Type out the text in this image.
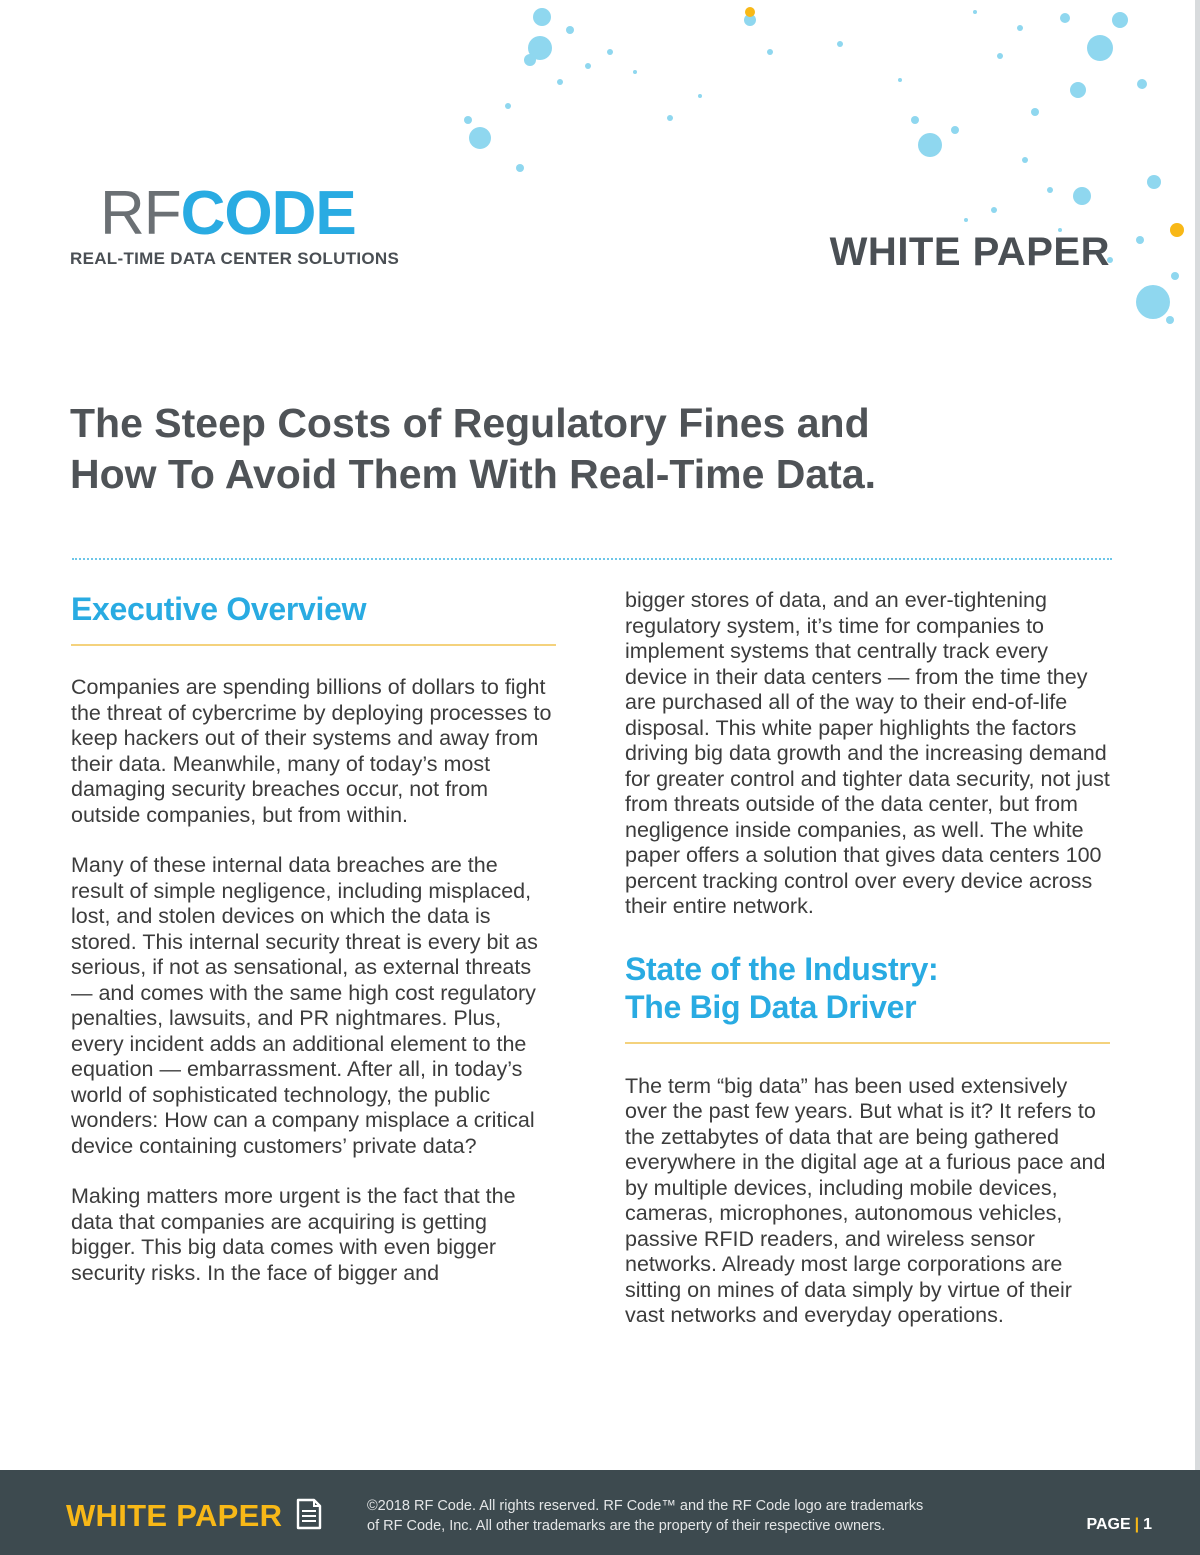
RFCODE
REAL-TIME DATA CENTER SOLUTIONS	WHITE PAPER
The Steep Costs of Regulatory Fines and
How To Avoid Them With Real-Time Data.
Executive Overview

Companies are spending billions of dollars to fight the threat of cybercrime by deploying processes to keep hackers out of their systems and away from their data. Meanwhile, many of today’s most damaging security breaches occur, not from outside companies, but from within.

Many of these internal data breaches are the result of simple negligence, including misplaced, lost, and stolen devices on which the data is stored. This internal security threat is every bit as serious, if not as sensational, as external threats — and comes with the same high cost regulatory penalties, lawsuits, and PR nightmares. Plus, every incident adds an additional element to the equation — embarrassment. After all, in today’s world of sophisticated technology, the public wonders: How can a company misplace a critical device containing customers’ private data?

Making matters more urgent is the fact that the data that companies are acquiring is getting bigger. This big data comes with even bigger security risks. In the face of bigger and

bigger stores of data, and an ever-tightening regulatory system, it’s time for companies to implement systems that centrally track every device in their data centers — from the time they are purchased all of the way to their end-of-life disposal. This white paper highlights the factors driving big data growth and the increasing demand for greater control and tighter data security, not just from threats outside of the data center, but from negligence inside companies, as well. The white paper offers a solution that gives data centers 100 percent tracking control over every device across their entire network.

State of the Industry:
The Big Data Driver

The term “big data” has been used extensively over the past few years. But what is it? It refers to the zettabytes of data that are being gathered everywhere in the digital age at a furious pace and by multiple devices, including mobile devices, cameras, microphones, autonomous vehicles, passive RFID readers, and wireless sensor networks. Already most large corporations are sitting on mines of data simply by virtue of their vast networks and everyday operations.

WHITE PAPER	©2018 RF Code. All rights reserved. RF Code™ and the RF Code logo are trademarks
of RF Code, Inc. All other trademarks are the property of their respective owners.	PAGE | 1
